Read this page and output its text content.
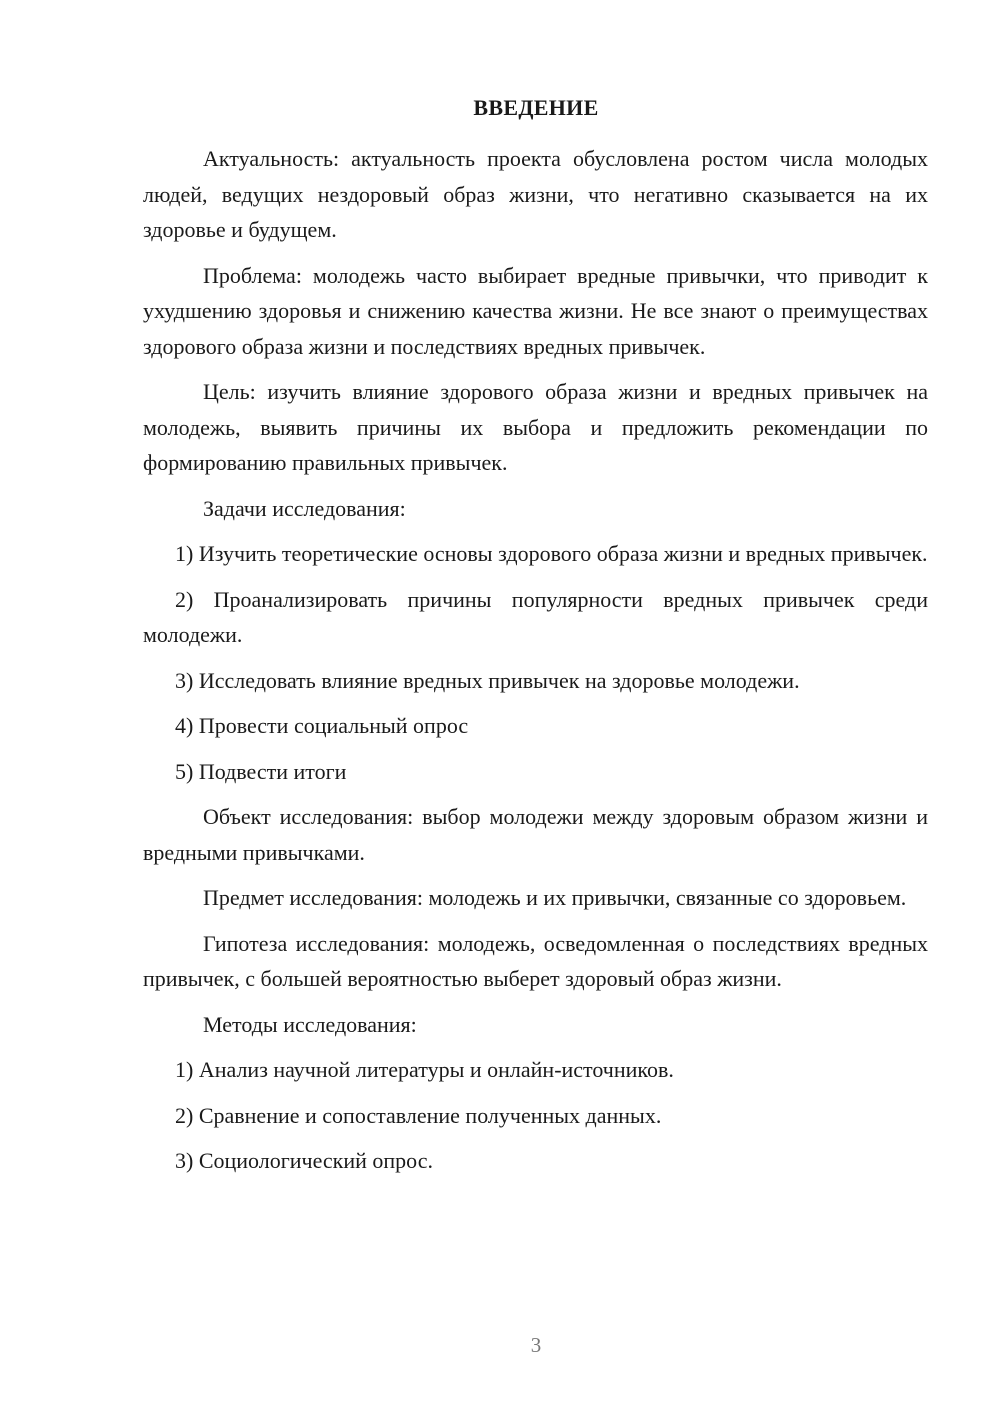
ВВЕДЕНИЕ

Актуальность: актуальность проекта обусловлена ростом числа молодых людей, ведущих нездоровый образ жизни, что негативно сказывается на их здоровье и будущем.

Проблема: молодежь часто выбирает вредные привычки, что приводит к ухудшению здоровья и снижению качества жизни. Не все знают о преимуществах здорового образа жизни и последствиях вредных привычек.

Цель: изучить влияние здорового образа жизни и вредных привычек на молодежь, выявить причины их выбора и предложить рекомендации по формированию правильных привычек.

Задачи исследования:

1) Изучить теоретические основы здорового образа жизни и вредных привычек.

2) Проанализировать причины популярности вредных привычек среди молодежи.

3) Исследовать влияние вредных привычек на здоровье молодежи.

4) Провести социальный опрос

5) Подвести итоги

Объект исследования: выбор молодежи между здоровым образом жизни и вредными привычками.

Предмет исследования: молодежь и их привычки, связанные со здоровьем.

Гипотеза исследования: молодежь, осведомленная о последствиях вредных привычек, с большей вероятностью выберет здоровый образ жизни.

Методы исследования:

1) Анализ научной литературы и онлайн-источников.

2) Сравнение и сопоставление полученных данных.

3) Социологический опрос.

3
